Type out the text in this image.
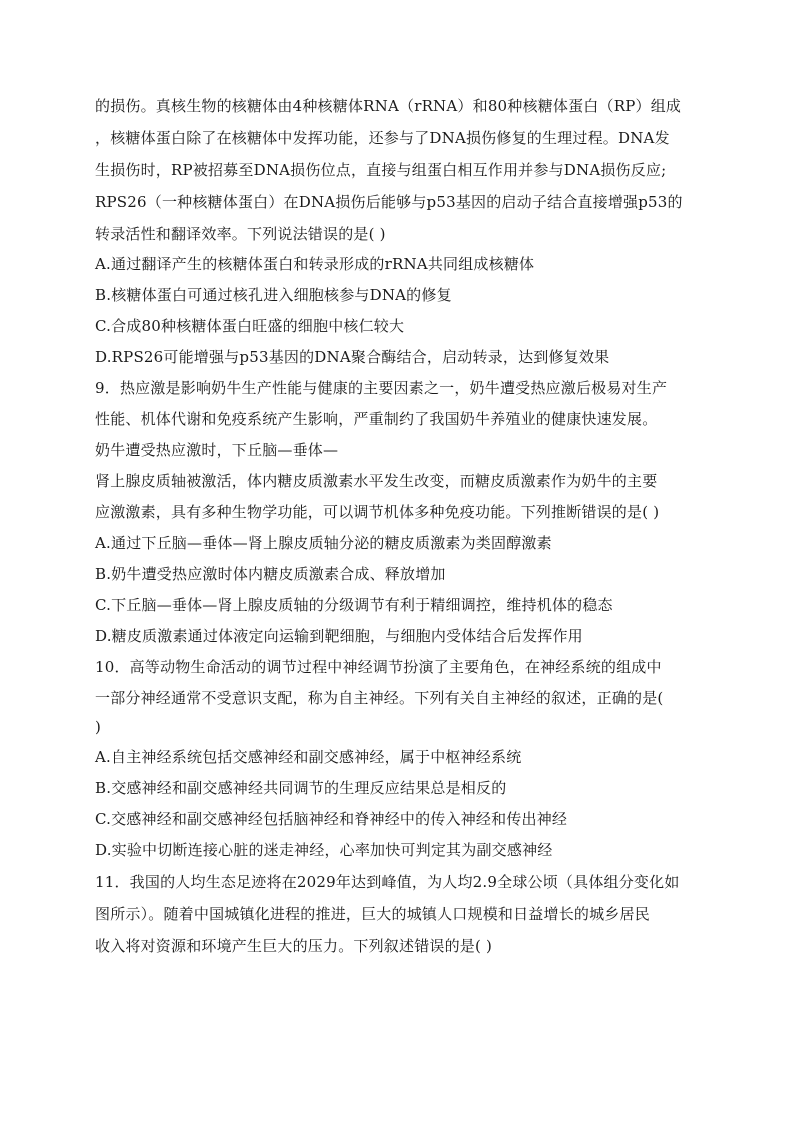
的损伤。真核生物的核糖体由4种核糖体RNA（rRNA）和80种核糖体蛋白（RP）组成
，核糖体蛋白除了在核糖体中发挥功能，还参与了DNA损伤修复的生理过程。DNA发
生损伤时，RP被招募至DNA损伤位点，直接与组蛋白相互作用并参与DNA损伤反应;
RPS26（一种核糖体蛋白）在DNA损伤后能够与p53基因的启动子结合直接增强p53的
转录活性和翻译效率。下列说法错误的是( )
A.通过翻译产生的核糖体蛋白和转录形成的rRNA共同组成核糖体
B.核糖体蛋白可通过核孔进入细胞核参与DNA的修复
C.合成80种核糖体蛋白旺盛的细胞中核仁较大
D.RPS26可能增强与p53基因的DNA聚合酶结合，启动转录，达到修复效果
9．热应激是影响奶牛生产性能与健康的主要因素之一，奶牛遭受热应激后极易对生产
性能、机体代谢和免疫系统产生影响，严重制约了我国奶牛养殖业的健康快速发展。
奶牛遭受热应激时，下丘脑—垂体—
肾上腺皮质轴被激活，体内糖皮质激素水平发生改变，而糖皮质激素作为奶牛的主要
应激激素，具有多种生物学功能，可以调节机体多种免疫功能。下列推断错误的是( )
A.通过下丘脑—垂体—肾上腺皮质轴分泌的糖皮质激素为类固醇激素
B.奶牛遭受热应激时体内糖皮质激素合成、释放增加
C.下丘脑—垂体—肾上腺皮质轴的分级调节有利于精细调控，维持机体的稳态
D.糖皮质激素通过体液定向运输到靶细胞，与细胞内受体结合后发挥作用
10．高等动物生命活动的调节过程中神经调节扮演了主要角色，在神经系统的组成中
一部分神经通常不受意识支配，称为自主神经。下列有关自主神经的叙述，正确的是(
)
A.自主神经系统包括交感神经和副交感神经，属于中枢神经系统
B.交感神经和副交感神经共同调节的生理反应结果总是相反的
C.交感神经和副交感神经包括脑神经和脊神经中的传入神经和传出神经
D.实验中切断连接心脏的迷走神经，心率加快可判定其为副交感神经
11．我国的人均生态足迹将在2029年达到峰值，为人均2.9全球公顷（具体组分变化如
图所示）。随着中国城镇化进程的推进，巨大的城镇人口规模和日益增长的城乡居民
收入将对资源和环境产生巨大的压力。下列叙述错误的是( )
